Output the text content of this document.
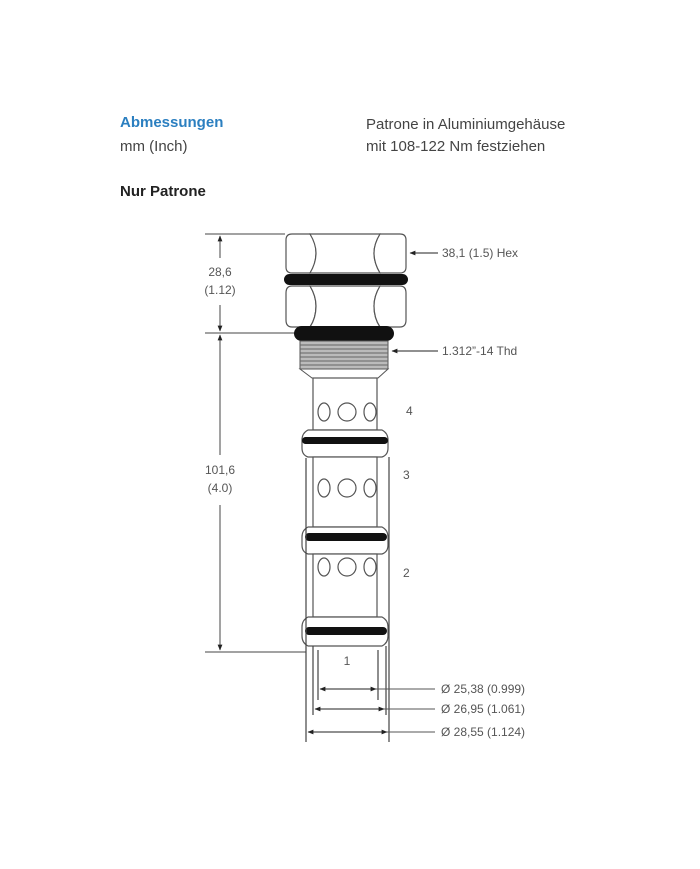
Abmessungen
mm (Inch)
Patrone in Aluminiumgehäuse
mit 108-122 Nm festziehen
Nur Patrone
28,6
(1.12)
101,6
(4.0)
4
3
2
1
38,1 (1.5) Hex
1.312”-14 Thd
Ø 25,38 (0.999)
Ø 26,95 (1.061)
Ø 28,55 (1.124)
